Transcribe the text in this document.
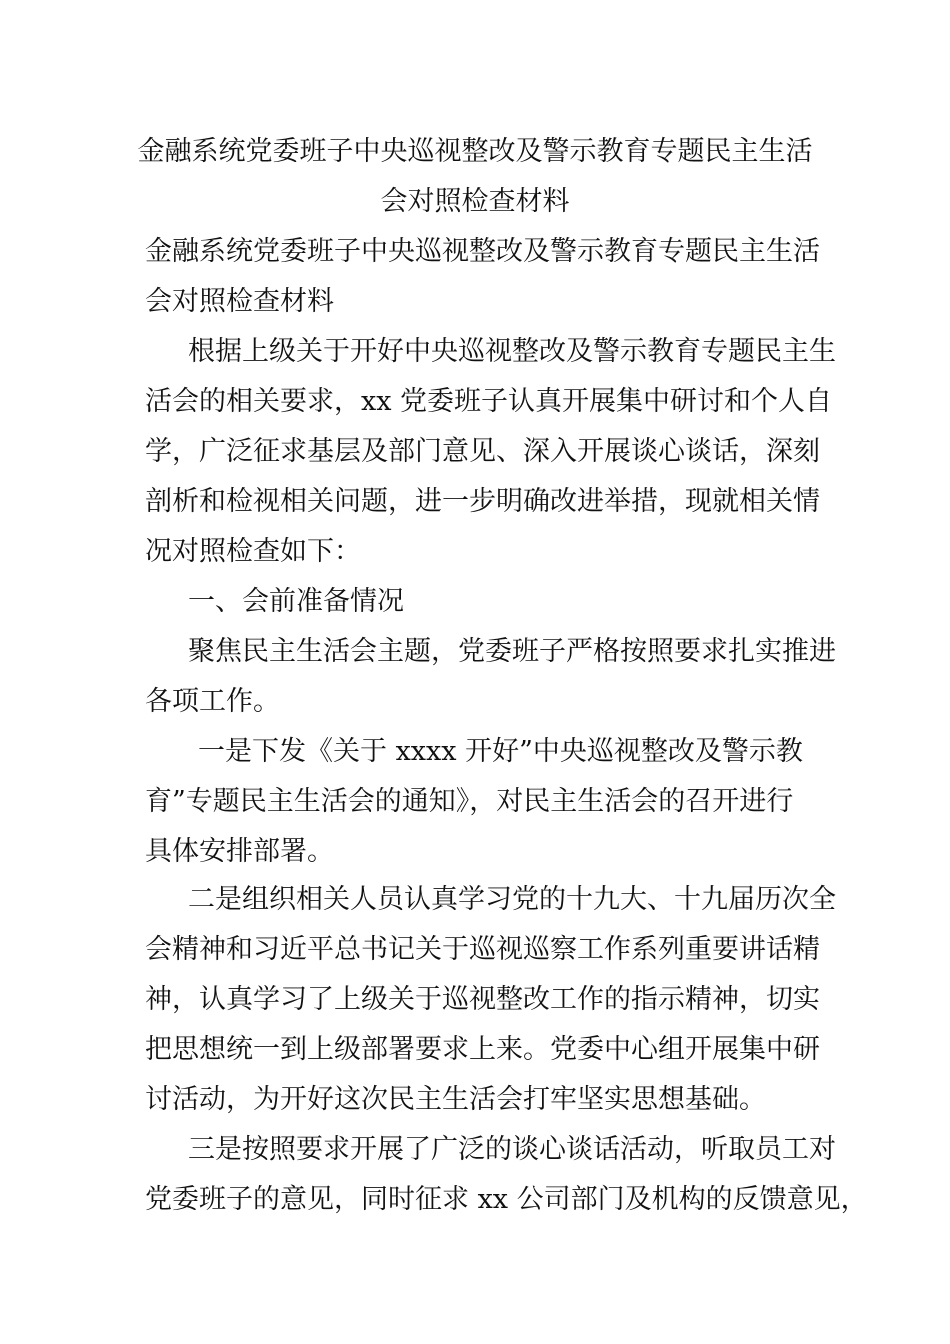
金融系统党委班子中央巡视整改及警示教育专题民主生活
会对照检查材料
金融系统党委班子中央巡视整改及警示教育专题民主生活
会对照检查材料
根据上级关于开好中央巡视整改及警示教育专题民主生
活会的相关要求，xx 党委班子认真开展集中研讨和个人自
学，广泛征求基层及部门意见、深入开展谈心谈话，深刻
剖析和检视相关问题，进一步明确改进举措，现就相关情
况对照检查如下：
一、会前准备情况
聚焦民主生活会主题，党委班子严格按照要求扎实推进
各项工作。
一是下发《关于 xxxx 开好”中央巡视整改及警示教
育”专题民主生活会的通知》，对民主生活会的召开进行
具体安排部署。
二是组织相关人员认真学习党的十九大、十九届历次全
会精神和习近平总书记关于巡视巡察工作系列重要讲话精
神，认真学习了上级关于巡视整改工作的指示精神，切实
把思想统一到上级部署要求上来。党委中心组开展集中研
讨活动，为开好这次民主生活会打牢坚实思想基础。
三是按照要求开展了广泛的谈心谈话活动，听取员工对
党委班子的意见，同时征求 xx 公司部门及机构的反馈意见，
